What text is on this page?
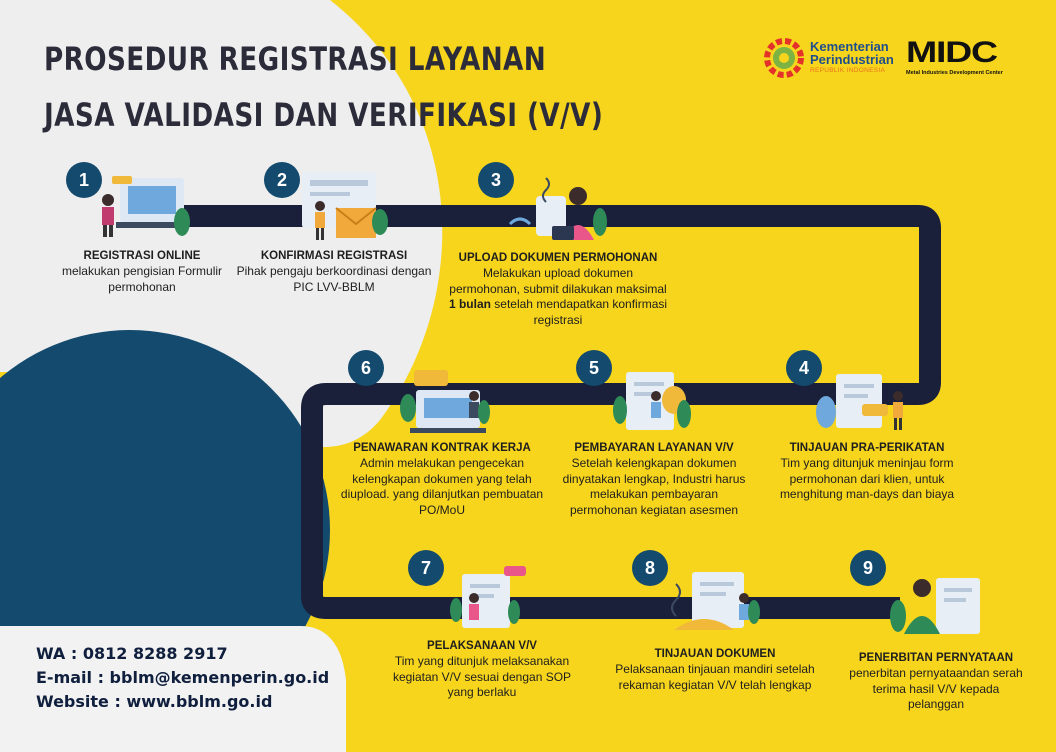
PROSEDUR REGISTRASI LAYANAN
JASA VALIDASI DAN VERIFIKASI (V/V)
Kementerian
Perindustrian
REPUBLIK INDONESIA
MIDC
Metal Industries Development Center
1	2	3
4
5
6
7	8	9
REGISTRASI ONLINE
melakukan pengisian Formulir permohonan
KONFIRMASI REGISTRASI
Pihak pengaju berkoordinasi dengan PIC LVV-BBLM
UPLOAD DOKUMEN PERMOHONAN
Melakukan upload dokumen permohonan, submit dilakukan maksimal 1 bulan setelah mendapatkan konfirmasi registrasi
TINJAUAN PRA-PERIKATAN
Tim yang ditunjuk meninjau form permohonan dari klien, untuk menghitung man-days dan biaya
PEMBAYARAN LAYANAN V/V
Setelah kelengkapan dokumen dinyatakan lengkap, Industri harus melakukan pembayaran permohonan kegiatan asesmen
PENAWARAN KONTRAK KERJA
Admin melakukan pengecekan kelengkapan dokumen yang telah diupload. yang dilanjutkan pembuatan PO/MoU
PELAKSANAAN V/V
Tim yang ditunjuk melaksanakan kegiatan V/V sesuai dengan SOP yang berlaku
TINJAUAN DOKUMEN
Pelaksanaan tinjauan mandiri setelah rekaman kegiatan V/V telah lengkap
PENERBITAN PERNYATAAN
penerbitan pernyataandan serah terima hasil V/V kepada pelanggan
WA : 0812 8288 2917
E-mail : bblm@kemenperin.go.id
Website : www.bblm.go.id
